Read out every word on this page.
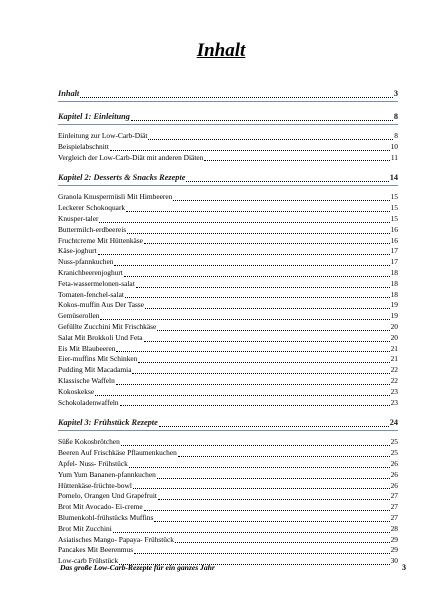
Inhalt
Inhalt	3
Kapitel 1: Einleitung	8
Einleitung zur Low-Carb-Diät	8
Beispielabschnitt	10
Vergleich der Low-Carb-Diät mit anderen Diäten	11
Kapitel 2: Desserts & Snacks Rezepte	14
Granola Knuspermüsli Mit Himbeeren	15
Leckerer Schokoquark	15
Knusper-taler	15
Buttermilch-erdbeereis	16
Fruchtcreme Mit Hüttenkäse	16
Käse-joghurt	17
Nuss-pfannkuchen	17
Kranichbeerenjoghurt	18
Feta-wassermelonen-salat	18
Tomaten-fenchel-salat	18
Kokos-muffin Aus Der Tasse	19
Gemüserollen	19
Gefüllte Zucchini Mit Frischkäse	20
Salat Mit Brokkoli Und Feta	20
Eis Mit Blaubeeren	21
Eier-muffins Mit Schinken	21
Pudding Mit Macadamia	22
Klassische Waffeln	22
Kokoskekse	23
Schokoladenwaffeln	23
Kapitel 3: Frühstück Rezepte	24
Süße Kokosbrötchen	25
Beeren Auf Frischkäse Pflaumenkuchen	25
Apfel- Nuss- Frühstück	26
Yum Yum Bananen-pfannkuchen	26
Hüttenkäse-früchte-bowl	26
Pomelo, Orangen Und Grapefruit	27
Brot Mit Avocado- Ei-creme	27
Blumenkohl-frühstücks Muffins	27
Brot Mit Zucchini	28
Asiatisches Mango- Papaya- Frühstück	29
Pancakes Mit Beerenmus	29
Low-carb Frühstück	30
Das große Low-Carb-Rezepte für ein ganzes Jahr	3
